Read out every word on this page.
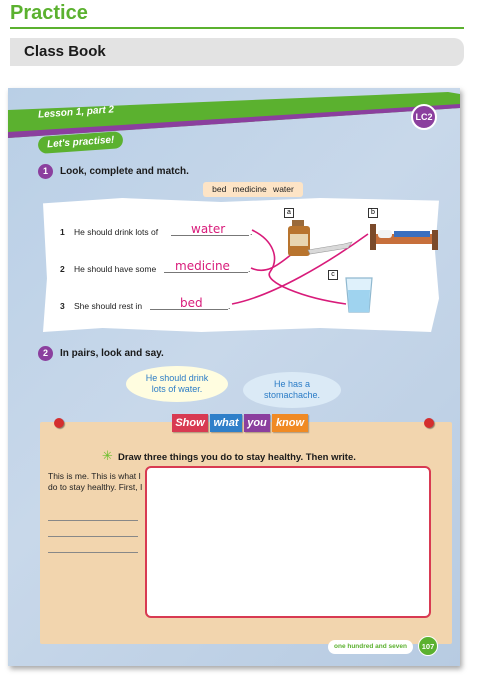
Practice
Class Book
Lesson 1, part 2	LC2
Let's practise!
1	Look, complete and match.
bed medicine water
1 He should drink lots of	water	.
2 He should have some medicine .
3 She should rest in	bed	.
a	b
c
2	In pairs, look and say.
He should drink lots of water.	He has a stomachache.
Show what you know
✳ Draw three things you do to stay healthy. Then write.
This is me. This is what I do to stay healthy. First, I
one hundred and seven	107
